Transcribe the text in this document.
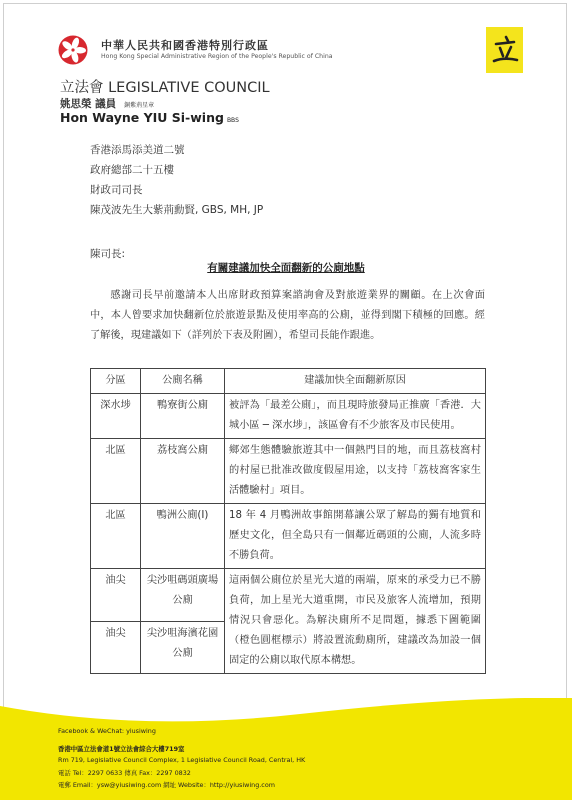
中華人民共和國香港特別行政區
Hong Kong Special Administrative Region of the People's Republic of China
立法會 LEGISLATIVE COUNCIL
姚思榮 議員 銅紫荊星章
Hon Wayne YIU Si-wing BBS
香港添馬添美道二號
政府總部二十五樓
財政司司長
陳茂波先生大紫荊勳賢, GBS, MH, JP
陳司長:
有關建議加快全面翻新的公廁地點
感謝司長早前邀請本人出席財政預算案諮詢會及對旅遊業界的關顧。在上次會面中，本人曾要求加快翻新位於旅遊景點及使用率高的公廁，並得到閣下積極的回應。經了解後，現建議如下（詳列於下表及附圖），希望司長能作跟進。
分區	公廁名稱	建議加快全面翻新原因
深水埗	鴨寮街公廁	被評為「最差公廁」，而且現時旅發局正推廣「香港．大城小區 ─ 深水埗」，該區會有不少旅客及市民使用。
北區	荔枝窩公廁	鄉郊生態體驗旅遊其中一個熱門目的地，而且荔枝窩村的村屋已批准改做度假屋用途，以支持「荔枝窩客家生活體驗村」項目。
北區	鴨洲公廁(I)	18 年 4 月鴨洲故事館開幕讓公眾了解島的獨有地質和歷史文化，但全島只有一個鄰近碼頭的公廁，人流多時不勝負荷。
油尖	尖沙咀碼頭廣場公廁	這兩個公廁位於星光大道的兩端，原來的承受力已不勝負荷，加上星光大道重開，市民及旅客人流增加，預期情況只會惡化。為解決廁所不足問題，據悉下圖範圍（橙色圓框標示）將設置流動廁所，建議改為加設一個固定的公廁以取代原本構想。
油尖	尖沙咀海濱花園公廁	
Facebook & WeChat: yiusiwing
香港中區立法會道1號立法會綜合大樓719室
Rm 719, Legislative Council Complex, 1 Legislative Council Road, Central, HK
電話 Tel：2297 0633 傳真 Fax：2297 0832
電郵 Email：ysw@yiusiwing.com 網址 Website：http://yiusiwing.com
